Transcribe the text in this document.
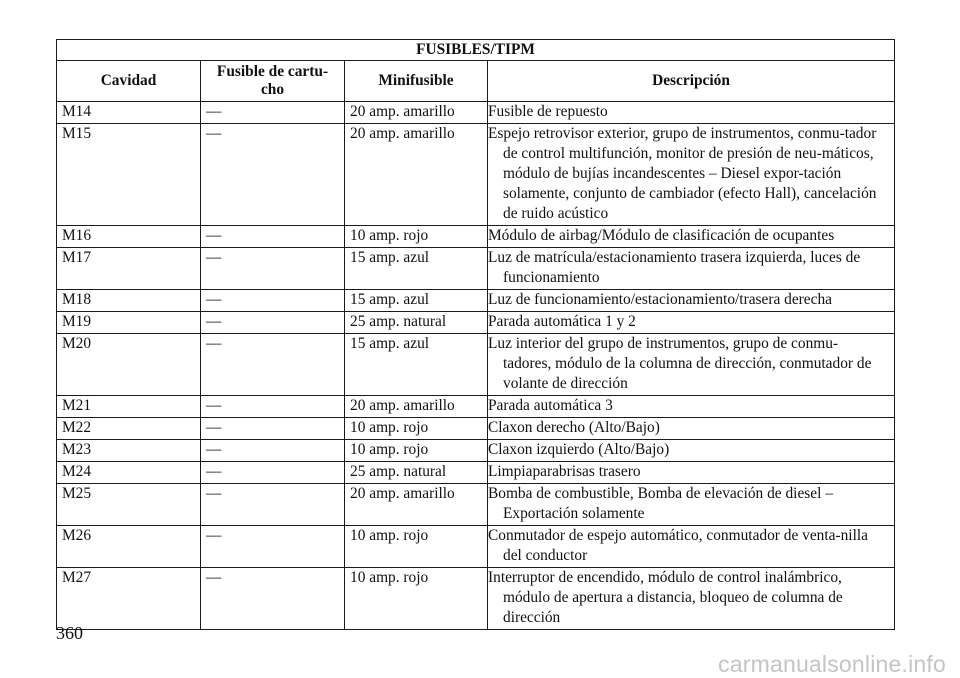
FUSIBLES/TIPM			
Cavidad	Fusible de cartu-cho	Minifusible	Descripción
M14	—	20 amp. amarillo	Fusible de repuesto

M15	—	20 amp. amarillo	Espejo retrovisor exterior, grupo de instrumentos, conmu-tador de control multifunción, monitor de presión de neu-máticos, módulo de bujías incandescentes – Diesel expor-tación solamente, conjunto de cambiador (efecto Hall), cancelación de ruido acústico

M16	—	10 amp. rojo	Módulo de airbag/Módulo de clasificación de ocupantes

M17	—	15 amp. azul	Luz de matrícula/estacionamiento trasera izquierda, luces de funcionamiento

M18	—	15 amp. azul	Luz de funcionamiento/estacionamiento/trasera derecha

M19	—	25 amp. natural	Parada automática 1 y 2

M20	—	15 amp. azul	Luz interior del grupo de instrumentos, grupo de conmu-tadores, módulo de la columna de dirección, conmutador de volante de dirección

M21	—	20 amp. amarillo	Parada automática 3

M22	—	10 amp. rojo	Claxon derecho (Alto/Bajo)

M23	—	10 amp. rojo	Claxon izquierdo (Alto/Bajo)

M24	—	25 amp. natural	Limpiaparabrisas trasero

M25	—	20 amp. amarillo	Bomba de combustible, Bomba de elevación de diesel – Exportación solamente

M26	—	10 amp. rojo	Conmutador de espejo automático, conmutador de venta-nilla del conductor

M27	—	10 amp. rojo	Interruptor de encendido, módulo de control inalámbrico, módulo de apertura a distancia, bloqueo de columna de dirección
360
carmanualsonline.info
